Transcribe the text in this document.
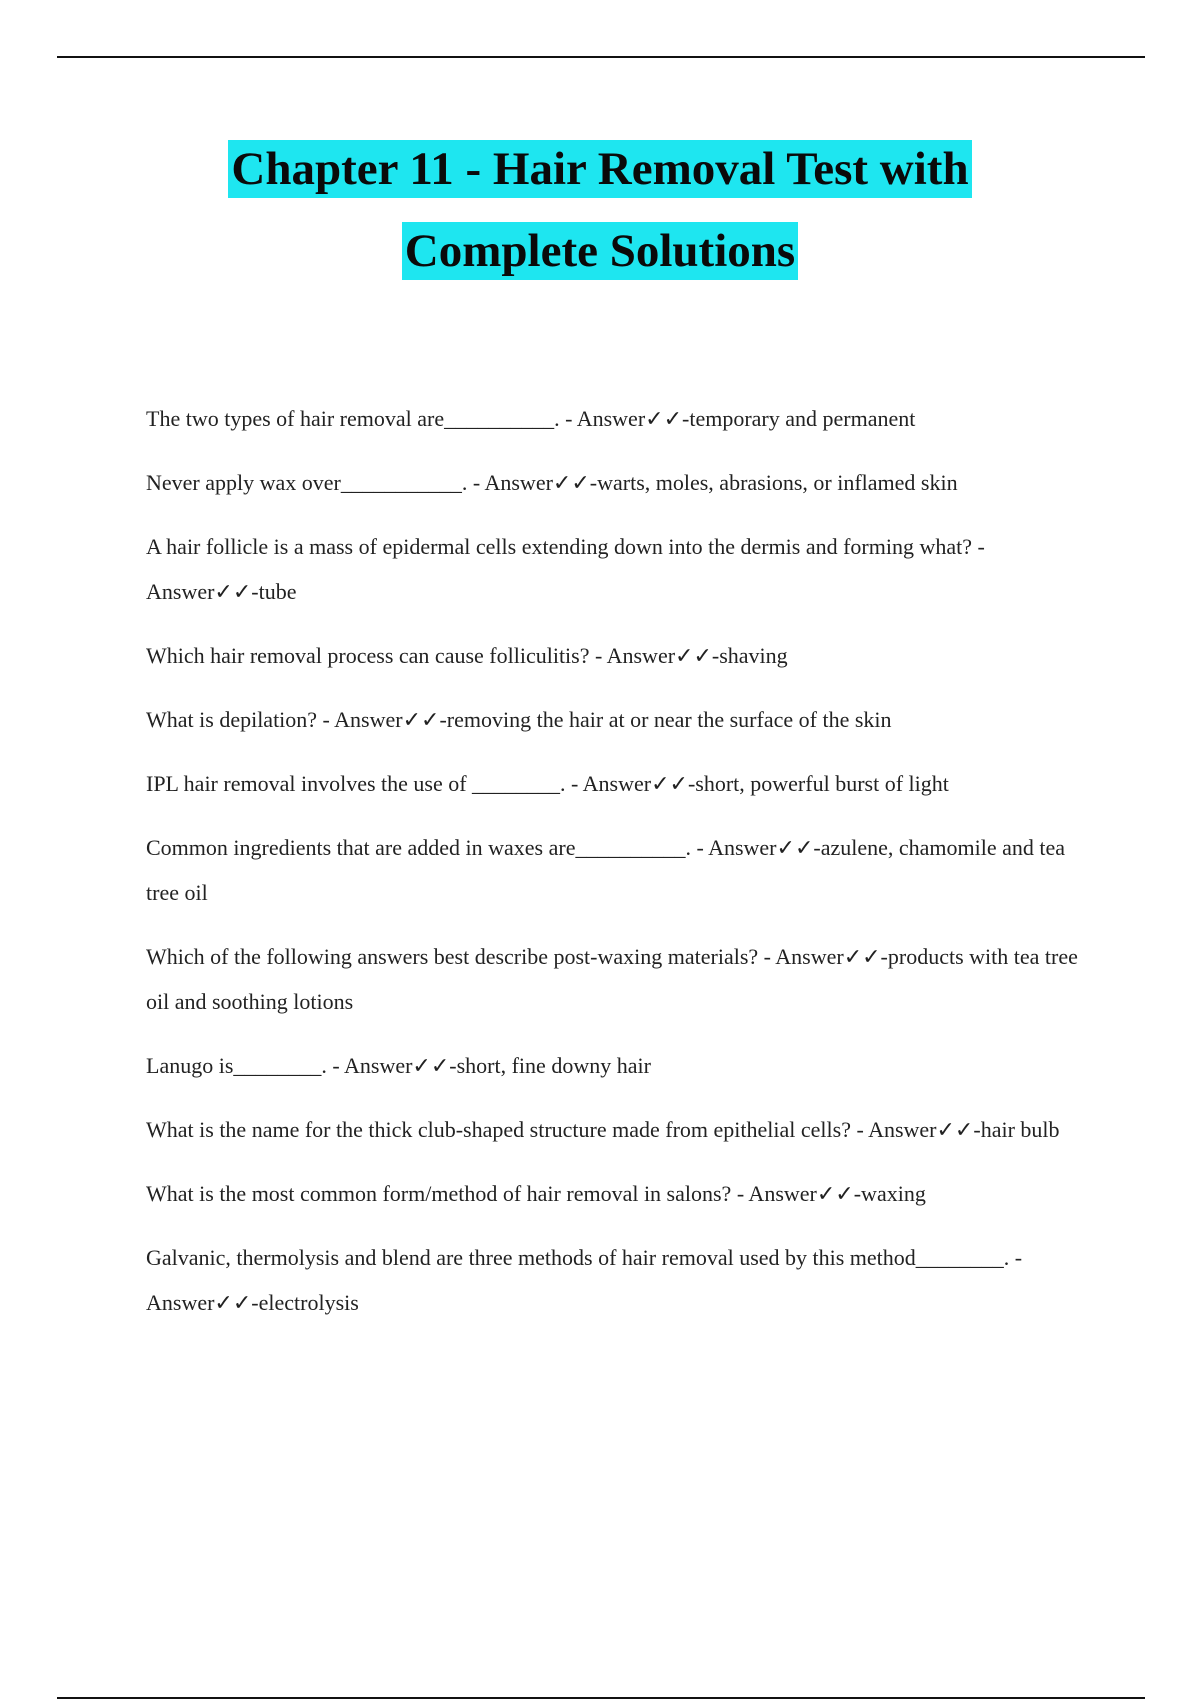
Chapter 11 - Hair Removal Test with
Complete Solutions

The two types of hair removal are__________. - Answer✓✓-temporary and permanent

Never apply wax over___________. - Answer✓✓-warts, moles, abrasions, or inflamed skin

A hair follicle is a mass of epidermal cells extending down into the dermis and forming what? - Answer✓✓-tube

Which hair removal process can cause folliculitis? - Answer✓✓-shaving

What is depilation? - Answer✓✓-removing the hair at or near the surface of the skin

IPL hair removal involves the use of ________. - Answer✓✓-short, powerful burst of light

Common ingredients that are added in waxes are__________. - Answer✓✓-azulene, chamomile and tea tree oil

Which of the following answers best describe post-waxing materials? - Answer✓✓-products with tea tree oil and soothing lotions

Lanugo is________. - Answer✓✓-short, fine downy hair

What is the name for the thick club-shaped structure made from epithelial cells? - Answer✓✓-hair bulb

What is the most common form/method of hair removal in salons? - Answer✓✓-waxing

Galvanic, thermolysis and blend are three methods of hair removal used by this method________. - Answer✓✓-electrolysis
